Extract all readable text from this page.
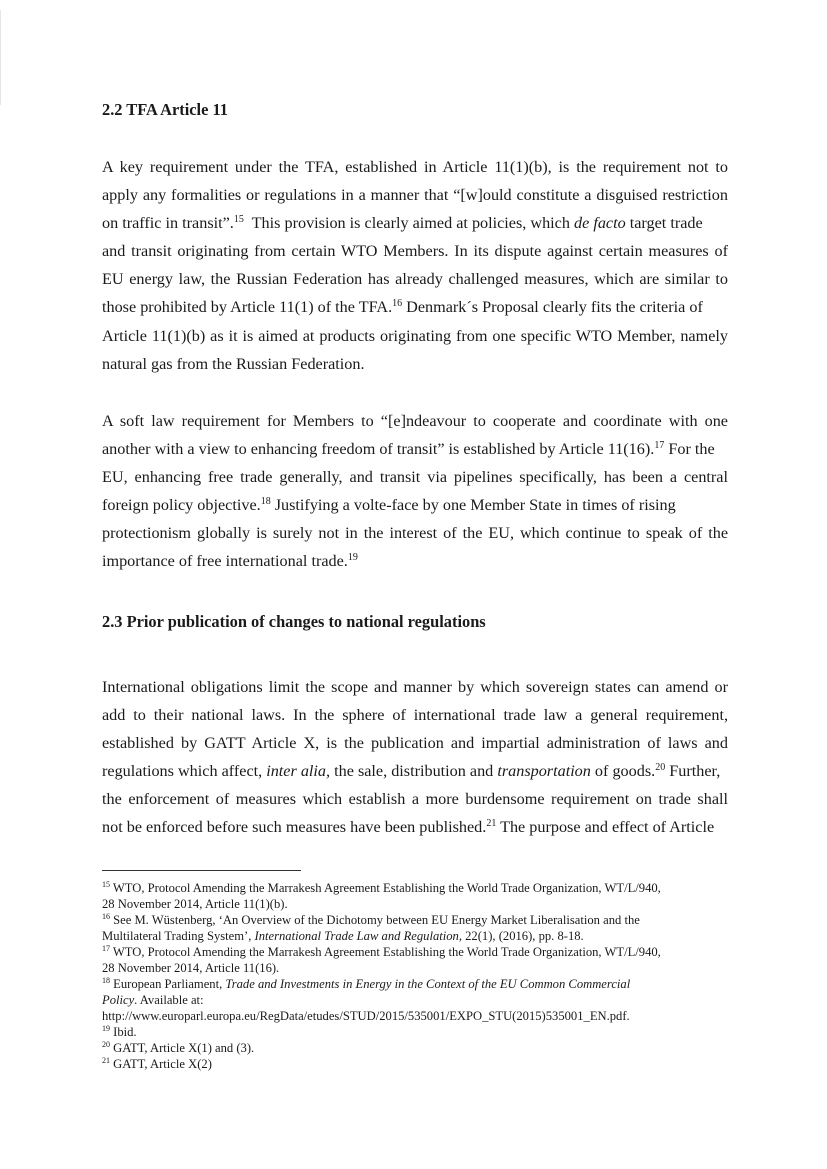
2.2 TFA Article 11

A key requirement under the TFA, established in Article 11(1)(b), is the requirement not to

apply any formalities or regulations in a manner that “[w]ould constitute a disguised restriction

on traffic in transit”.$^{15}$  This provision is clearly aimed at policies, which de facto target trade

and transit originating from certain WTO Members. In its dispute against certain measures of

EU energy law, the Russian Federation has already challenged measures, which are similar to

those prohibited by Article 11(1) of the TFA.$^{16}$ Denmark´s Proposal clearly fits the criteria of

Article 11(1)(b) as it is aimed at products originating from one specific WTO Member, namely

natural gas from the Russian Federation.

A soft law requirement for Members to “[e]ndeavour to cooperate and coordinate with one

another with a view to enhancing freedom of transit” is established by Article 11(16).$^{17}$ For the

EU, enhancing free trade generally, and transit via pipelines specifically, has been a central

foreign policy objective.$^{18}$ Justifying a volte-face by one Member State in times of rising

protectionism globally is surely not in the interest of the EU, which continue to speak of the

importance of free international trade.$^{19}$

2.3 Prior publication of changes to national regulations

International obligations limit the scope and manner by which sovereign states can amend or

add to their national laws. In the sphere of international trade law a general requirement,

established by GATT Article X, is the publication and impartial administration of laws and

regulations which affect, inter alia, the sale, distribution and transportation of goods.$^{20}$ Further,

the enforcement of measures which establish a more burdensome requirement on trade shall

not be enforced before such measures have been published.$^{21}$ The purpose and effect of Article

$^{15}$ WTO, Protocol Amending the Marrakesh Agreement Establishing the World Trade Organization, WT/L/940,

28 November 2014, Article 11(1)(b).

$^{16}$ See M. Wüstenberg, ‘An Overview of the Dichotomy between EU Energy Market Liberalisation and the

Multilateral Trading System’, International Trade Law and Regulation, 22(1), (2016), pp. 8-18.

$^{17}$ WTO, Protocol Amending the Marrakesh Agreement Establishing the World Trade Organization, WT/L/940,

28 November 2014, Article 11(16).

$^{18}$ European Parliament, Trade and Investments in Energy in the Context of the EU Common Commercial

Policy. Available at:

http://www.europarl.europa.eu/RegData/etudes/STUD/2015/535001/EXPO_STU(2015)535001_EN.pdf.

$^{19}$ Ibid.

$^{20}$ GATT, Article X(1) and (3).

$^{21}$ GATT, Article X(2)
